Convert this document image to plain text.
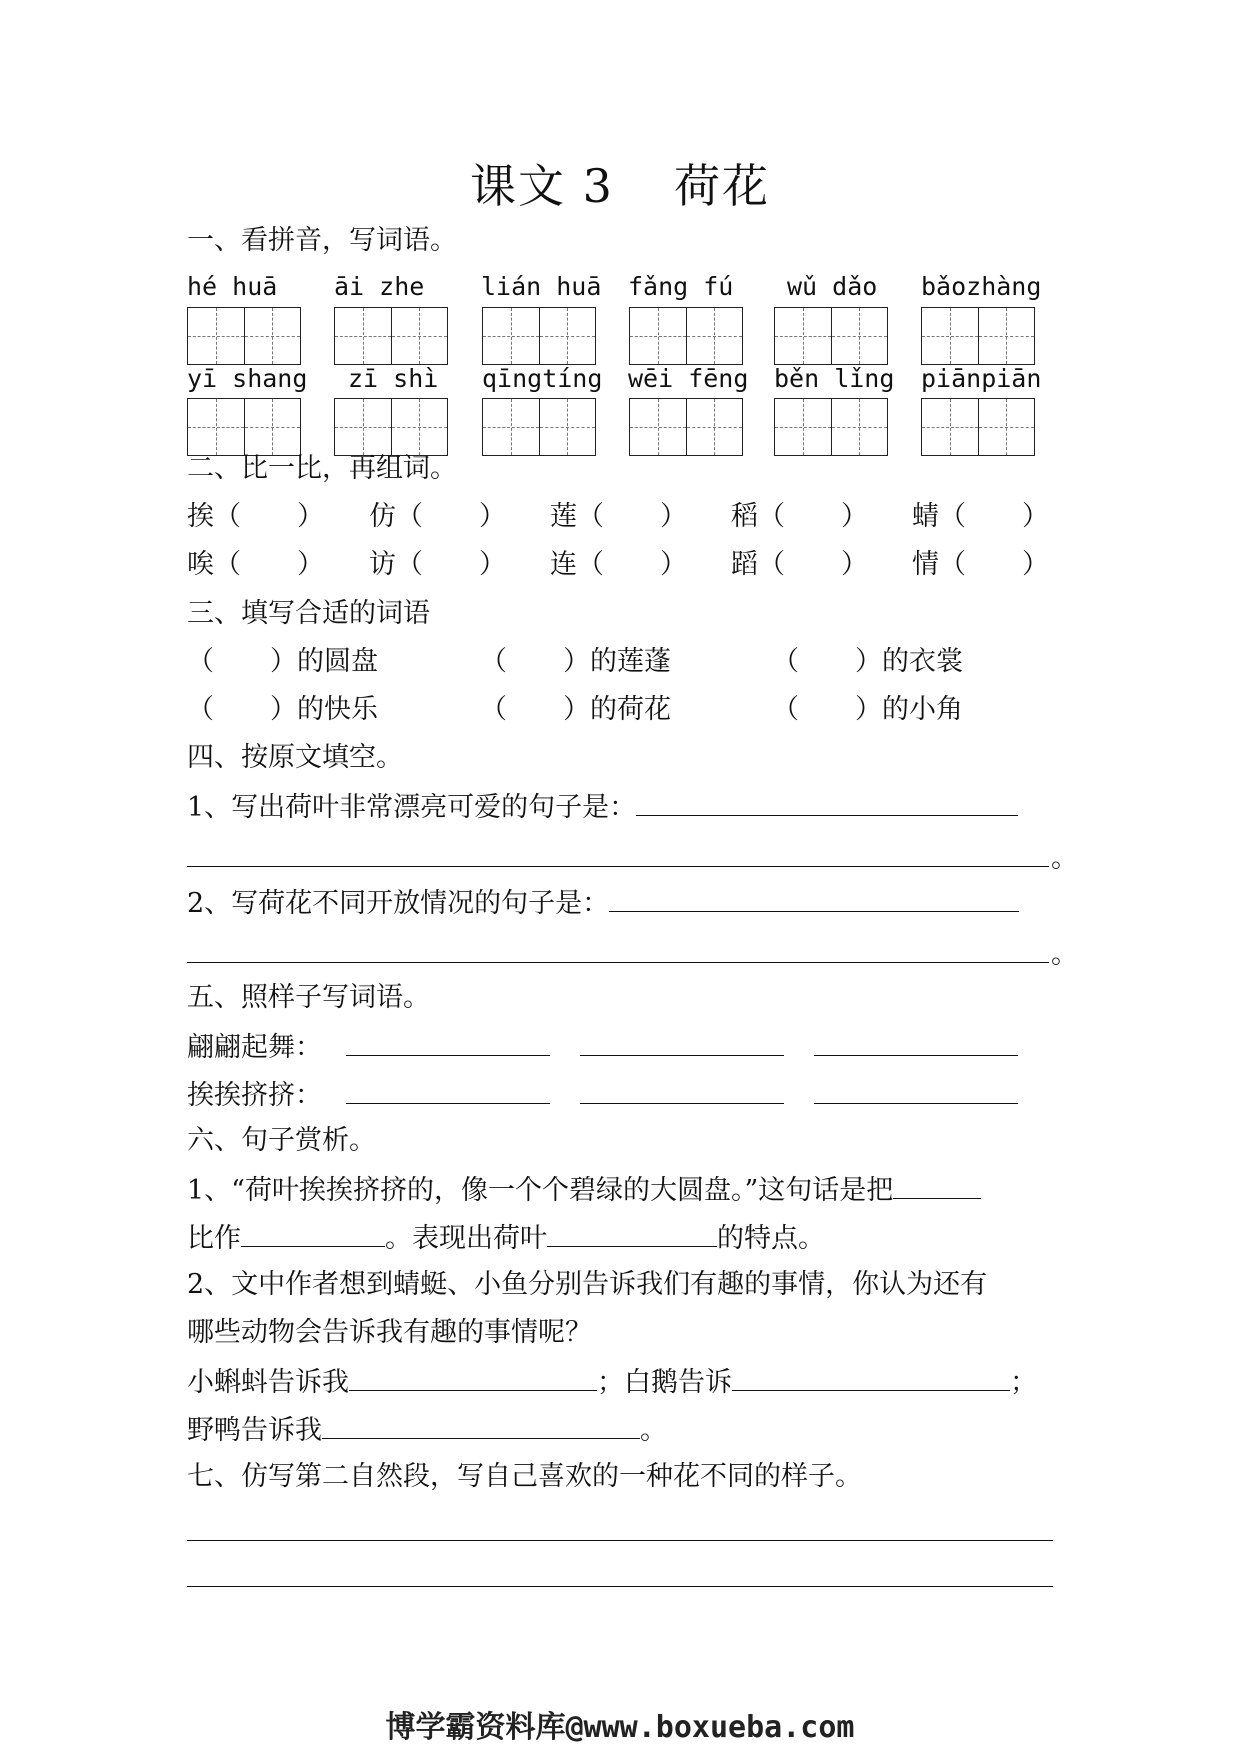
课文 3 荷花
一、看拼音，写词语。
hé huā āi zhe lián huā fǎng fú wǔ dǎo bǎozhàng
yī shang zī shì qīngtíng wēi fēng běn lǐng piānpiān
二、比一比，再组词。
挨（ ） 仿（ ） 莲（ ） 稻（ ） 蜻（ ）
唉（ ） 访（ ） 连（ ） 蹈（ ） 情（ ）
三、填写合适的词语
（ ）的圆盘	（ ）的莲蓬	（ ）的衣裳
（ ）的快乐	（ ）的荷花	（ ）的小角
四、按原文填空。
1、写出荷叶非常漂亮可爱的句子是：
。
2、写荷花不同开放情况的句子是：
。
五、照样子写词语。
翩翩起舞：
挨挨挤挤：
六、句子赏析。
1、“荷叶挨挨挤挤的，像一个个碧绿的大圆盘。”这句话是把
比作	。表现出荷叶	的特点。
2、文中作者想到蜻蜓、小鱼分别告诉我们有趣的事情，你认为还有
哪些动物会告诉我有趣的事情呢？
小蝌蚪告诉我	；白鹅告诉	；
野鸭告诉我	。
七、仿写第二自然段，写自己喜欢的一种花不同的样子。
博学霸资料库@www.boxueba.com
